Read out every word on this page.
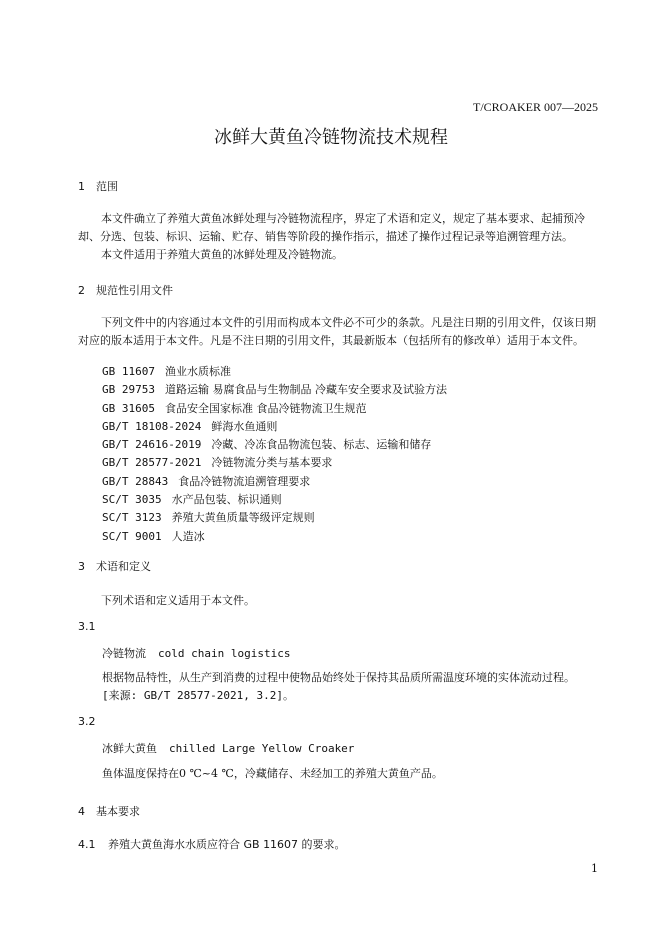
T/CROAKER 007—2025
冰鲜大黄鱼冷链物流技术规程
1 范围
本文件确立了养殖大黄鱼冰鲜处理与冷链物流程序，界定了术语和定义，规定了基本要求、起捕预冷却、分选、包装、标识、运输、贮存、销售等阶段的操作指示，描述了操作过程记录等追溯管理方法。
本文件适用于养殖大黄鱼的冰鲜处理及冷链物流。
2 规范性引用文件
下列文件中的内容通过本文件的引用而构成本文件必不可少的条款。凡是注日期的引用文件，仅该日期对应的版本适用于本文件。凡是不注日期的引用文件，其最新版本（包括所有的修改单）适用于本文件。
GB 11607 渔业水质标准
GB 29753 道路运输 易腐食品与生物制品 冷藏车安全要求及试验方法
GB 31605 食品安全国家标准 食品冷链物流卫生规范
GB/T 18108-2024 鲜海水鱼通则
GB/T 24616-2019 冷藏、冷冻食品物流包装、标志、运输和储存
GB/T 28577-2021 冷链物流分类与基本要求
GB/T 28843 食品冷链物流追溯管理要求
SC/T 3035 水产品包装、标识通则
SC/T 3123 养殖大黄鱼质量等级评定规则
SC/T 9001 人造冰
3 术语和定义
下列术语和定义适用于本文件。
3.1
冷链物流 cold chain logistics
根据物品特性，从生产到消费的过程中使物品始终处于保持其品质所需温度环境的实体流动过程。
[来源: GB/T 28577-2021, 3.2]。
3.2
冰鲜大黄鱼 chilled Large Yellow Croaker
鱼体温度保持在0 ℃~4 ℃，冷藏储存、未经加工的养殖大黄鱼产品。
4 基本要求
4.1 养殖大黄鱼海水水质应符合 GB 11607 的要求。
1
